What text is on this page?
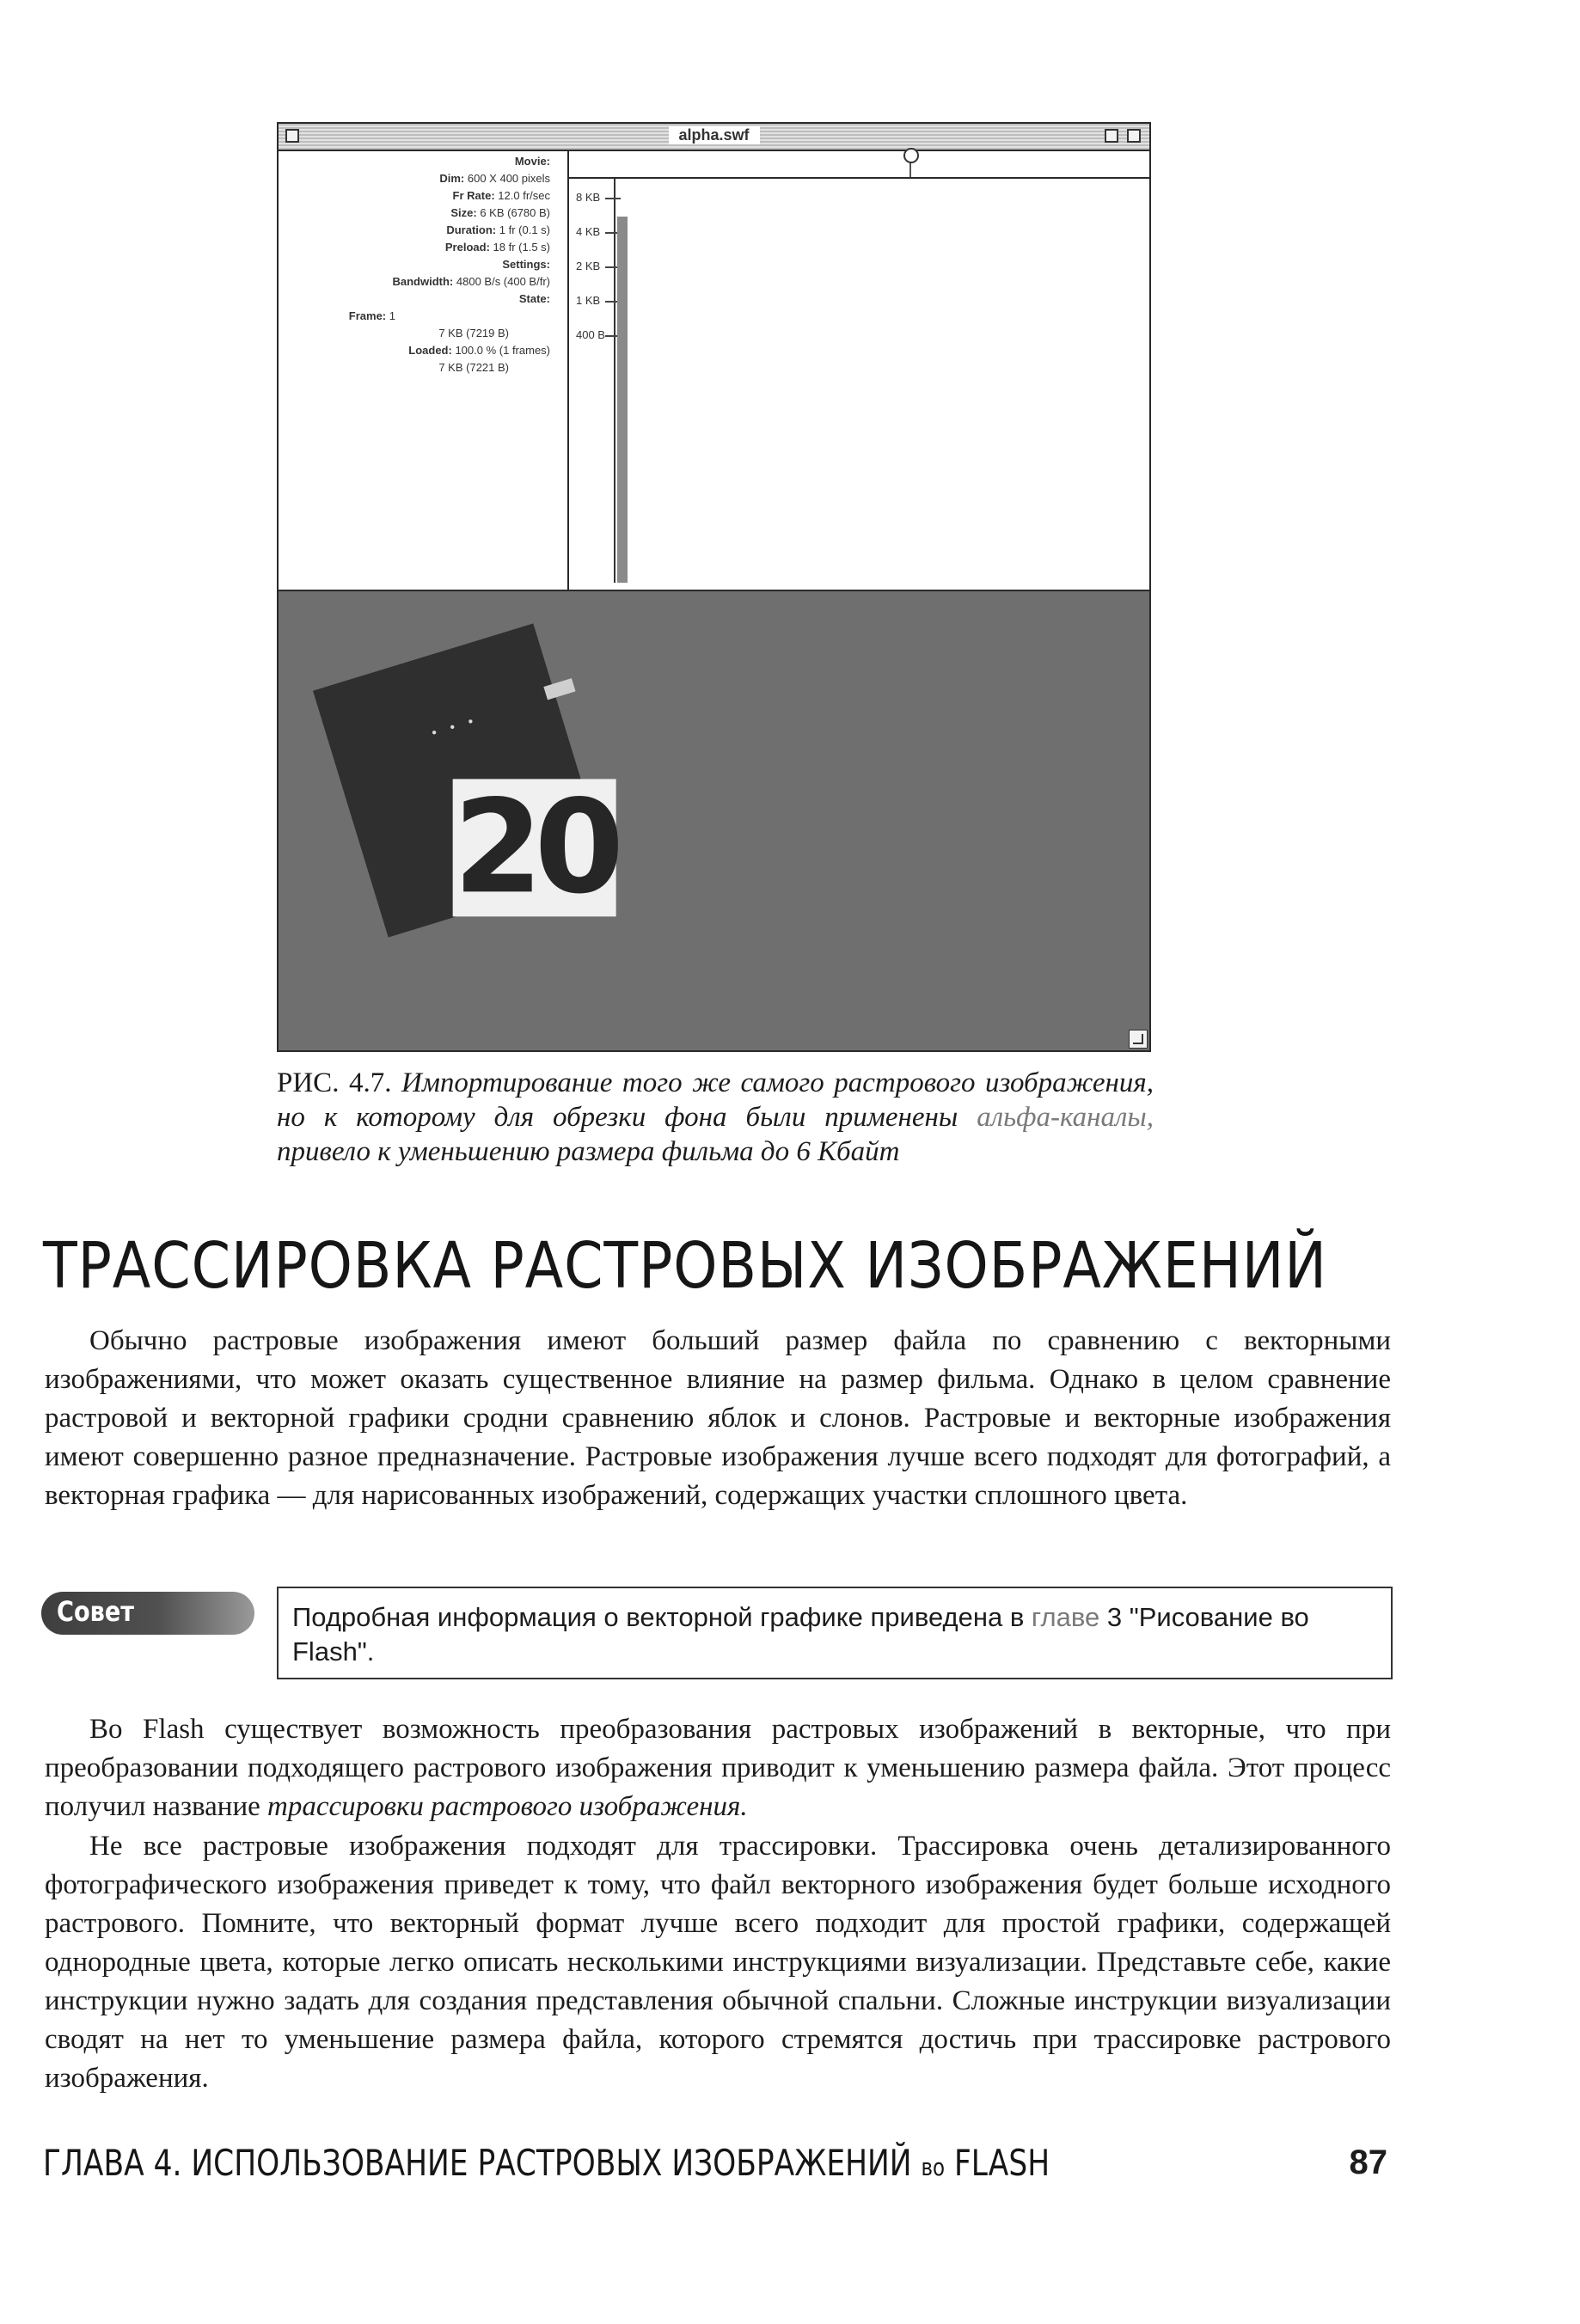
alpha.swf
Movie:
Dim: 600 X 400 pixels
Fr Rate: 12.0 fr/sec
Size: 6 KB (6780 B)
Duration: 1 fr (0.1 s)
Preload: 18 fr (1.5 s)
Settings:
Bandwidth: 4800 B/s (400 B/fr)
State:
Frame: 1
7 KB (7219 B)
Loaded: 100.0 % (1 frames)
7 KB (7221 B)
8 KB
4 KB
2 KB
1 KB
400 B
• • •
20
РИС. 4.7. Импортирование того же самого растрового изображения, но к которому для обрезки фона были применены альфа-каналы, привело к уменьшению размера фильма до 6 Кбайт
ТРАССИРОВКА РАСТРОВЫХ ИЗОБРАЖЕНИЙ

Обычно растровые изображения имеют больший размер файла по сравнению с векторными изображениями, что может оказать существенное влияние на размер фильма. Однако в целом сравнение растровой и векторной графики сродни сравнению яблок и слонов. Растровые и векторные изображения имеют совершенно разное предназначение. Растровые изображения лучше всего подходят для фотографий, а векторная графика — для нарисованных изображений, содержащих участки сплошного цвета.

Совет	Подробная информация о векторной графике приведена в главе 3 "Рисование во Flash".

Во Flash существует возможность преобразования растровых изображений в векторные, что при преобразовании подходящего растрового изображения приводит к уменьшению размера файла. Этот процесс получил название трассировки растрового изображения.

Не все растровые изображения подходят для трассировки. Трассировка очень детализированного фотографического изображения приведет к тому, что файл векторного изображения будет больше исходного растрового. Помните, что векторный формат лучше всего подходит для простой графики, содержащей однородные цвета, которые легко описать несколькими инструкциями визуализации. Представьте себе, какие инструкции нужно задать для создания представления обычной спальни. Сложные инструкции визуализации сводят на нет то уменьшение размера файла, которого стремятся достичь при трассировке растрового изображения.

ГЛАВА 4. ИСПОЛЬЗОВАНИЕ РАСТРОВЫХ ИЗОБРАЖЕНИЙ во FLASH	87
